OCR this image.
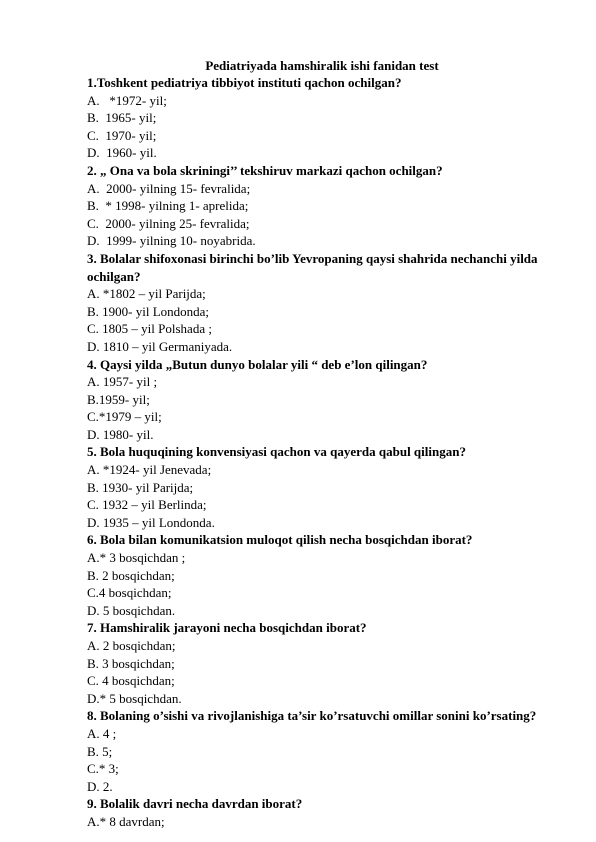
Pediatriyada hamshiralik ishi fanidan test

1.Toshkent pediatriya tibbiyot instituti qachon ochilgan?

A.   *1972- yil;

B.  1965- yil;

C.  1970- yil;

D.  1960- yil.

2. „ Ona va bola skriningi’’ tekshiruv markazi qachon ochilgan?

A.  2000- yilning 15- fevralida;

B.  * 1998- yilning 1- aprelida;

C.  2000- yilning 25- fevralida;

D.  1999- yilning 10- noyabrida.

3. Bolalar shifoxonasi birinchi bo’lib Yevropaning qaysi shahrida nechanchi yilda ochilgan?

A. *1802 – yil Parijda;

B. 1900- yil Londonda;

C. 1805 – yil Polshada ;

D. 1810 – yil Germaniyada.

4. Qaysi yilda „Butun dunyo bolalar yili “ deb e’lon qilingan?

A. 1957- yil ;

B.1959- yil;

C.*1979 – yil;

D. 1980- yil.

5. Bola huquqining konvensiyasi qachon va qayerda qabul qilingan?

A. *1924- yil Jenevada;

B. 1930- yil Parijda;

C. 1932 – yil Berlinda;

D. 1935 – yil Londonda.

6. Bola bilan komunikatsion muloqot qilish necha bosqichdan iborat?

A.* 3 bosqichdan ;

B. 2 bosqichdan;

C.4 bosqichdan;

D. 5 bosqichdan.

7. Hamshiralik jarayoni necha bosqichdan iborat?

A. 2 bosqichdan;

B. 3 bosqichdan;

C. 4 bosqichdan;

D.* 5 bosqichdan.

8. Bolaning o’sishi va rivojlanishiga ta’sir ko’rsatuvchi omillar sonini ko’rsating?

A. 4 ;

B. 5;

C.* 3;

D. 2.

9. Bolalik davri necha davrdan iborat?

A.* 8 davrdan;
